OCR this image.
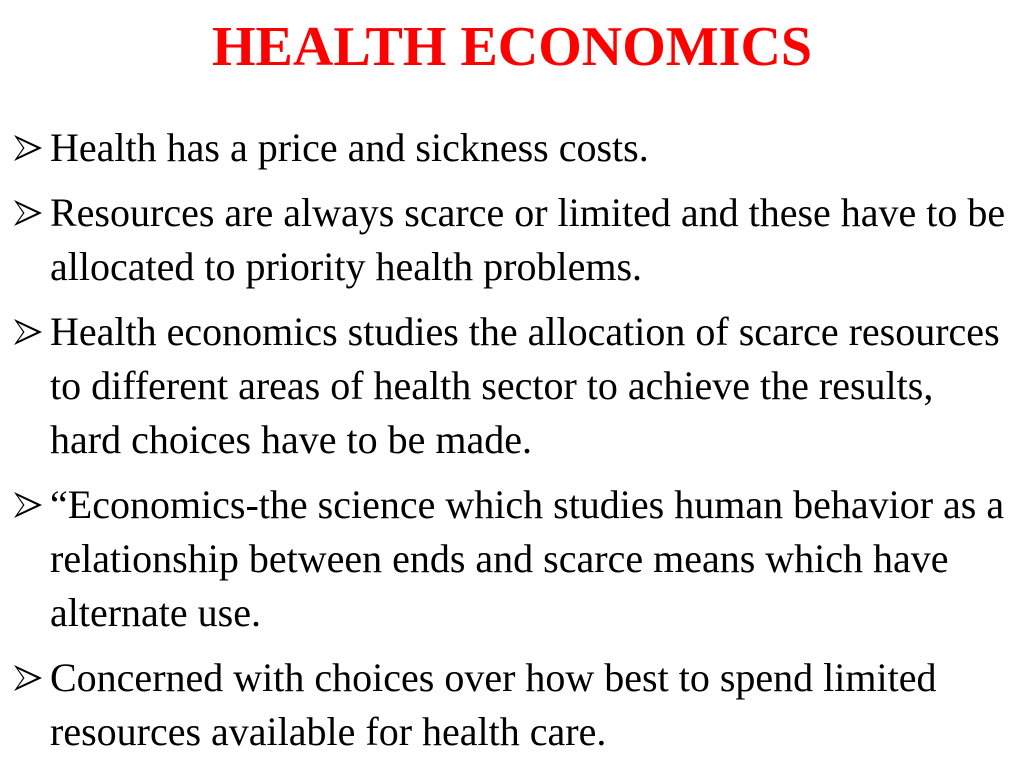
HEALTH ECONOMICS
Health has a price and sickness costs.
Resources are always scarce or limited and these have to be allocated to priority health problems.
Health economics studies the allocation of scarce resources to different areas of health sector to achieve the results, hard choices have to be made.
“Economics-the science which studies human behavior as a relationship between ends and scarce means which have alternate use.
Concerned with choices over how best to spend limited resources available for health care.
